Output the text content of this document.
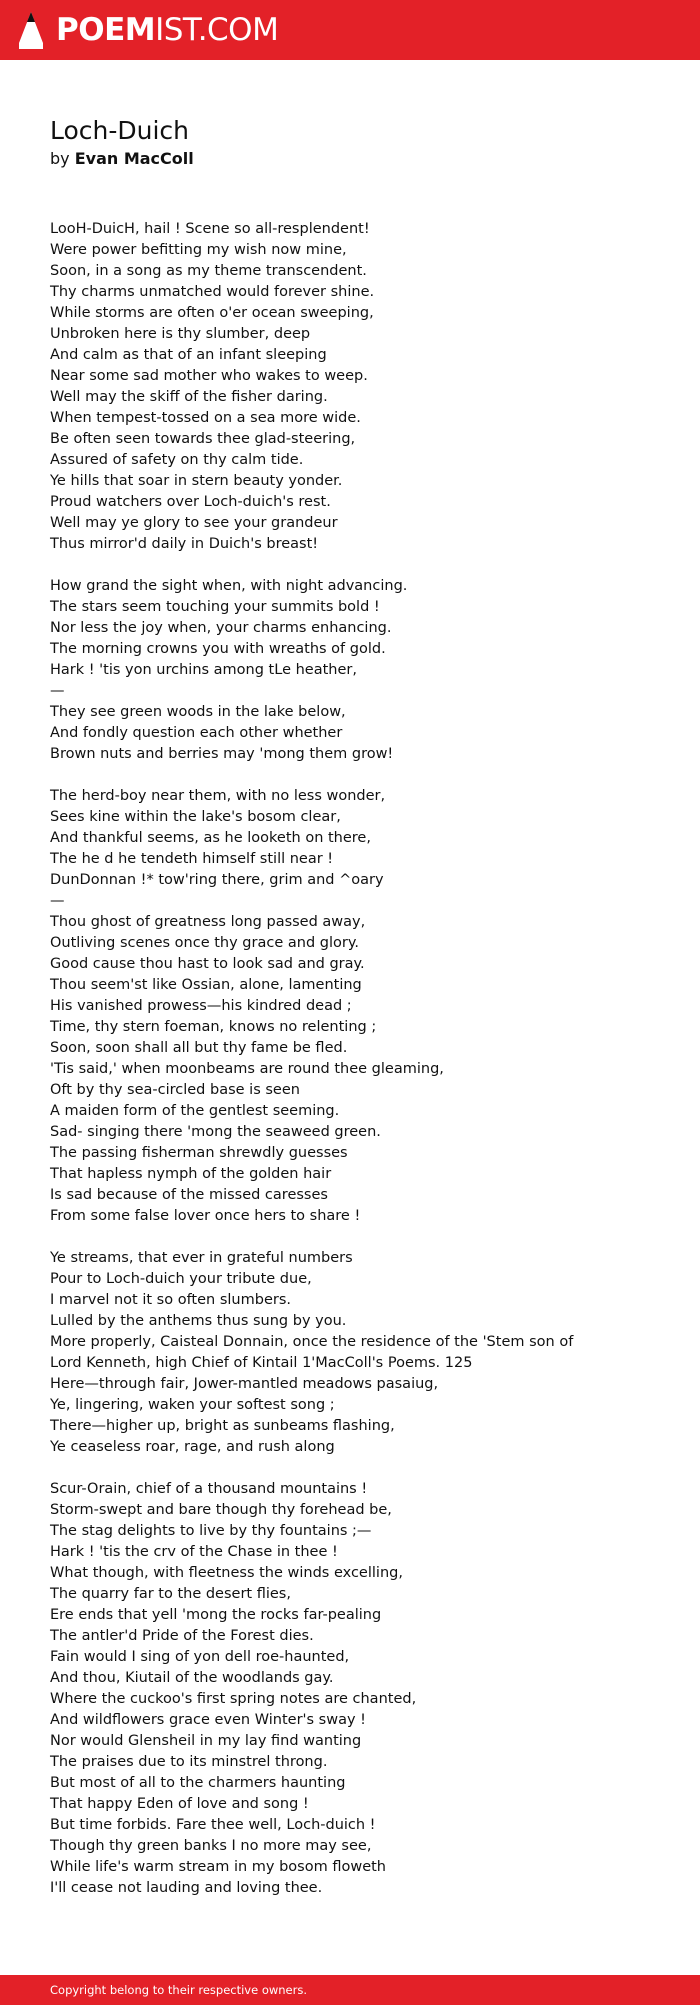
POEMIST.COM
Loch-Duich
by Evan MacColl
LooH-DuicH, hail ! Scene so all-resplendent!
Were power befitting my wish now mine,
Soon, in a song as my theme transcendent.
Thy charms unmatched would forever shine.
While storms are often o'er ocean sweeping,
Unbroken here is thy slumber, deep
And calm as that of an infant sleeping
Near some sad mother who wakes to weep.
Well may the skiff of the fisher daring.
When tempest-tossed on a sea more wide.
Be often seen towards thee glad-steering,
Assured of safety on thy calm tide.
Ye hills that soar in stern beauty yonder.
Proud watchers over Loch-duich's rest.
Well may ye glory to see your grandeur
Thus mirror'd daily in Duich's breast!

How grand the sight when, with night advancing.
The stars seem touching your summits bold !
Nor less the joy when, your charms enhancing.
The morning crowns you with wreaths of gold.
Hark ! 'tis yon urchins among tLe heather,
—
They see green woods in the lake below,
And fondly question each other whether
Brown nuts and berries may 'mong them grow!

The herd-boy near them, with no less wonder,
Sees kine within the lake's bosom clear,
And thankful seems, as he looketh on there,
The he d he tendeth himself still near !
DunDonnan !* tow'ring there, grim and ^oary
—
Thou ghost of greatness long passed away,
Outliving scenes once thy grace and glory.
Good cause thou hast to look sad and gray.
Thou seem'st like Ossian, alone, lamenting
His vanished prowess—his kindred dead ;
Time, thy stern foeman, knows no relenting ;
Soon, soon shall all but thy fame be fled.
'Tis said,' when moonbeams are round thee gleaming,
Oft by thy sea-circled base is seen
A maiden form of the gentlest seeming.
Sad- singing there 'mong the seaweed green.
The passing fisherman shrewdly guesses
That hapless nymph of the golden hair
Is sad because of the missed caresses
From some false lover once hers to share !

Ye streams, that ever in grateful numbers
Pour to Loch-duich your tribute due,
I marvel not it so often slumbers.
Lulled by the anthems thus sung by you.
More properly, Caisteal Donnain, once the residence of the 'Stem son of
Lord Kenneth, high Chief of Kintail 1'MacColl's Poems. 125
Here—through fair, Jower-mantled meadows pasaiug,
Ye, lingering, waken your softest song ;
There—higher up, bright as sunbeams flashing,
Ye ceaseless roar, rage, and rush along

Scur-Orain, chief of a thousand mountains !
Storm-swept and bare though thy forehead be,
The stag delights to live by thy fountains ;—
Hark ! 'tis the crv of the Chase in thee !
What though, with fleetness the winds excelling,
The quarry far to the desert flies,
Ere ends that yell 'mong the rocks far-pealing
The antler'd Pride of the Forest dies.
Fain would I sing of yon dell roe-haunted,
And thou, Kiutail of the woodlands gay.
Where the cuckoo's first spring notes are chanted,
And wildflowers grace even Winter's sway !
Nor would Glensheil in my lay find wanting
The praises due to its minstrel throng.
But most of all to the charmers haunting
That happy Eden of love and song !
But time forbids. Fare thee well, Loch-duich !
Though thy green banks I no more may see,
While life's warm stream in my bosom floweth
I'll cease not lauding and loving thee.
Copyright belong to their respective owners.
